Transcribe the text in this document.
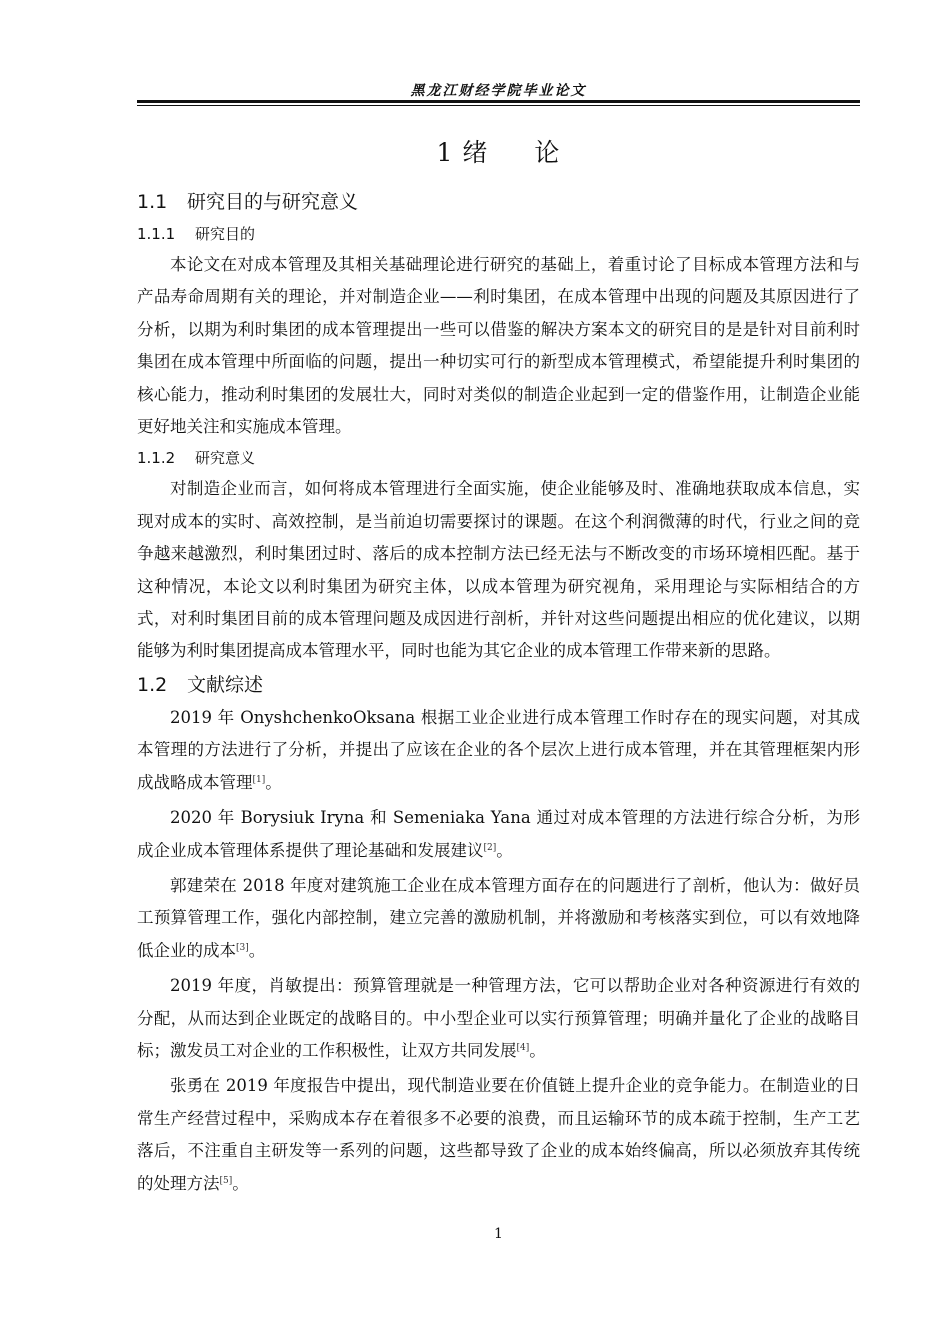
黑龙江财经学院毕业论文
1 绪 论
1.1 研究目的与研究意义
1.1.1 研究目的

本论文在对成本管理及其相关基础理论进行研究的基础上，着重讨论了目标成本管理方法和与产品寿命周期有关的理论，并对制造企业——利时集团，在成本管理中出现的问题及其原因进行了分析，以期为利时集团的成本管理提出一些可以借鉴的解决方案本文的研究目的是是针对目前利时集团在成本管理中所面临的问题，提出一种切实可行的新型成本管理模式，希望能提升利时集团的核心能力，推动利时集团的发展壮大，同时对类似的制造企业起到一定的借鉴作用，让制造企业能更好地关注和实施成本管理。

1.1.2 研究意义

对制造企业而言，如何将成本管理进行全面实施，使企业能够及时、准确地获取成本信息，实现对成本的实时、高效控制，是当前迫切需要探讨的课题。在这个利润微薄的时代，行业之间的竞争越来越激烈，利时集团过时、落后的成本控制方法已经无法与不断改变的市场环境相匹配。基于这种情况，本论文以利时集团为研究主体，以成本管理为研究视角，采用理论与实际相结合的方式，对利时集团目前的成本管理问题及成因进行剖析，并针对这些问题提出相应的优化建议，以期能够为利时集团提高成本管理水平，同时也能为其它企业的成本管理工作带来新的思路。

1.2 文献综述

2019 年 OnyshchenkoOksana 根据工业企业进行成本管理工作时存在的现实问题，对其成本管理的方法进行了分析，并提出了应该在企业的各个层次上进行成本管理，并在其管理框架内形成战略成本管理[1]。

2020 年 Borysiuk Iryna 和 Semeniaka Yana 通过对成本管理的方法进行综合分析，为形成企业成本管理体系提供了理论基础和发展建议[2]。

郭建荣在 2018 年度对建筑施工企业在成本管理方面存在的问题进行了剖析，他认为：做好员工预算管理工作，强化内部控制，建立完善的激励机制，并将激励和考核落实到位，可以有效地降低企业的成本[3]。

2019 年度，肖敏提出：预算管理就是一种管理方法，它可以帮助企业对各种资源进行有效的分配，从而达到企业既定的战略目的。中小型企业可以实行预算管理；明确并量化了企业的战略目标；激发员工对企业的工作积极性，让双方共同发展[4]。

张勇在 2019 年度报告中提出，现代制造业要在价值链上提升企业的竞争能力。在制造业的日常生产经营过程中，采购成本存在着很多不必要的浪费，而且运输环节的成本疏于控制，生产工艺落后，不注重自主研发等一系列的问题，这些都导致了企业的成本始终偏高，所以必须放弃其传统的处理方法[5]。

1
